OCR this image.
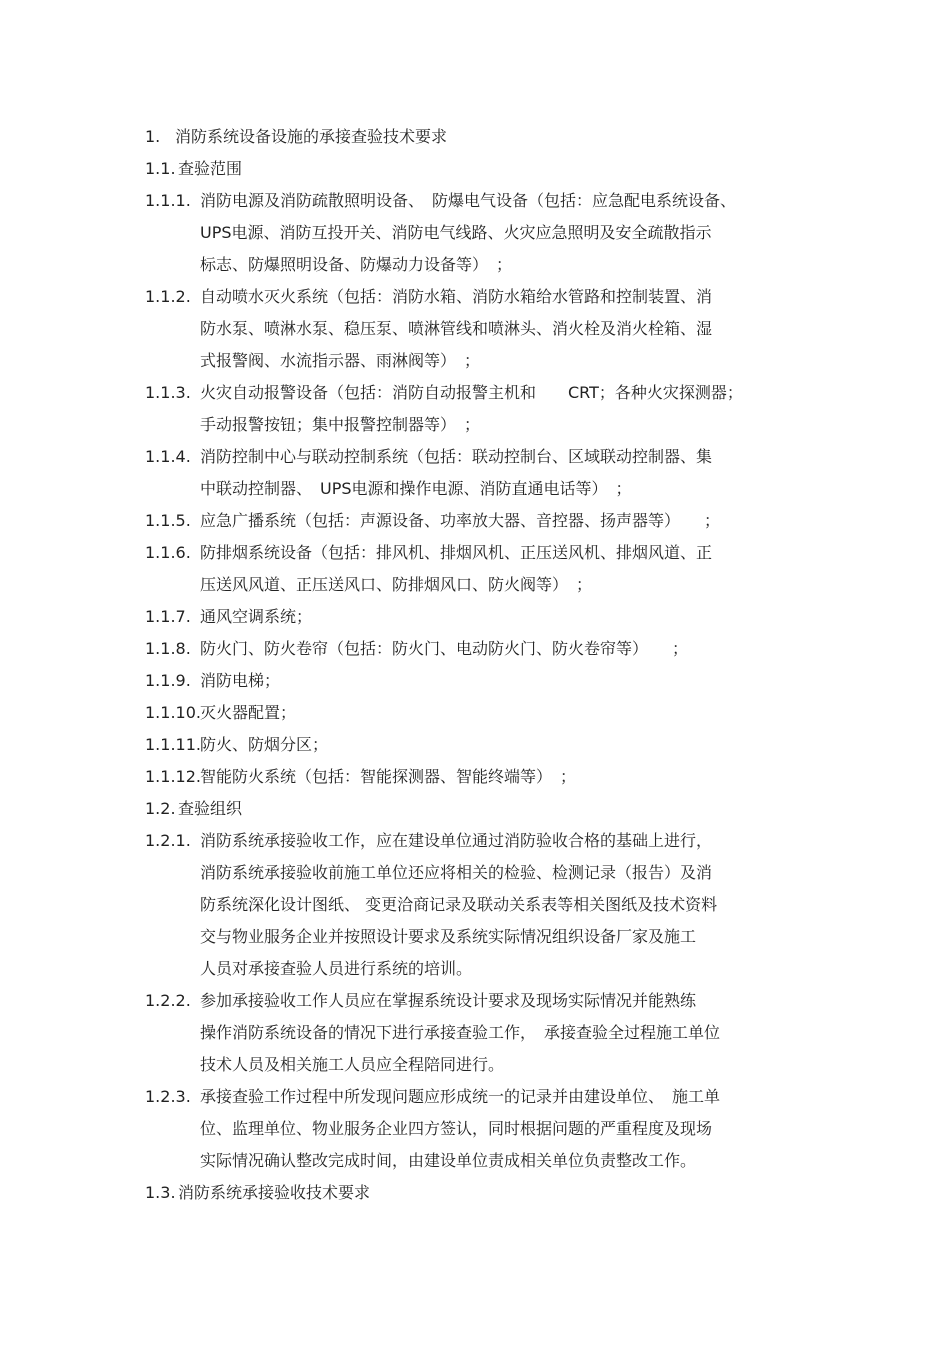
1. 消防系统设备设施的承接查验技术要求
1.1. 查验范围
1.1.1. 消防电源及消防疏散照明设备、　防爆电气设备（包括：应急配电系统设备、
UPS电源、消防互投开关、消防电气线路、火灾应急照明及安全疏散指示
标志、防爆照明设备、防爆动力设备等）　；
1.1.2. 自动喷水灭火系统（包括：消防水箱、消防水箱给水管路和控制装置、消
防水泵、喷淋水泵、稳压泵、喷淋管线和喷淋头、消火栓及消火栓箱、湿
式报警阀、水流指示器、雨淋阀等）　；
1.1.3. 火灾自动报警设备（包括：消防自动报警主机和　　CRT；各种火灾探测器；
手动报警按钮；集中报警控制器等）　；
1.1.4. 消防控制中心与联动控制系统（包括：联动控制台、区域联动控制器、集
中联动控制器、　UPS电源和操作电源、消防直通电话等）　；
1.1.5. 应急广播系统（包括：声源设备、功率放大器、音控器、扬声器等）　　；
1.1.6. 防排烟系统设备（包括：排风机、排烟风机、正压送风机、排烟风道、正
压送风风道、正压送风口、防排烟风口、防火阀等）　；
1.1.7. 通风空调系统；
1.1.8. 防火门、防火卷帘（包括：防火门、电动防火门、防火卷帘等）　　；
1.1.9. 消防电梯；
1.1.10. 灭火器配置；
1.1.11. 防火、防烟分区；
1.1.12. 智能防火系统（包括：智能探测器、智能终端等）　；
1.2. 查验组织
1.2.1. 消防系统承接验收工作，应在建设单位通过消防验收合格的基础上进行，
消防系统承接验收前施工单位还应将相关的检验、检测记录（报告）及消
防系统深化设计图纸、 变更洽商记录及联动关系表等相关图纸及技术资料
交与物业服务企业并按照设计要求及系统实际情况组织设备厂家及施工
人员对承接查验人员进行系统的培训。
1.2.2. 参加承接验收工作人员应在掌握系统设计要求及现场实际情况并能熟练
操作消防系统设备的情况下进行承接查验工作，　承接查验全过程施工单位
技术人员及相关施工人员应全程陪同进行。
1.2.3. 承接查验工作过程中所发现问题应形成统一的记录并由建设单位、　施工单
位、监理单位、物业服务企业四方签认，同时根据问题的严重程度及现场
实际情况确认整改完成时间，由建设单位责成相关单位负责整改工作。
1.3. 消防系统承接验收技术要求
